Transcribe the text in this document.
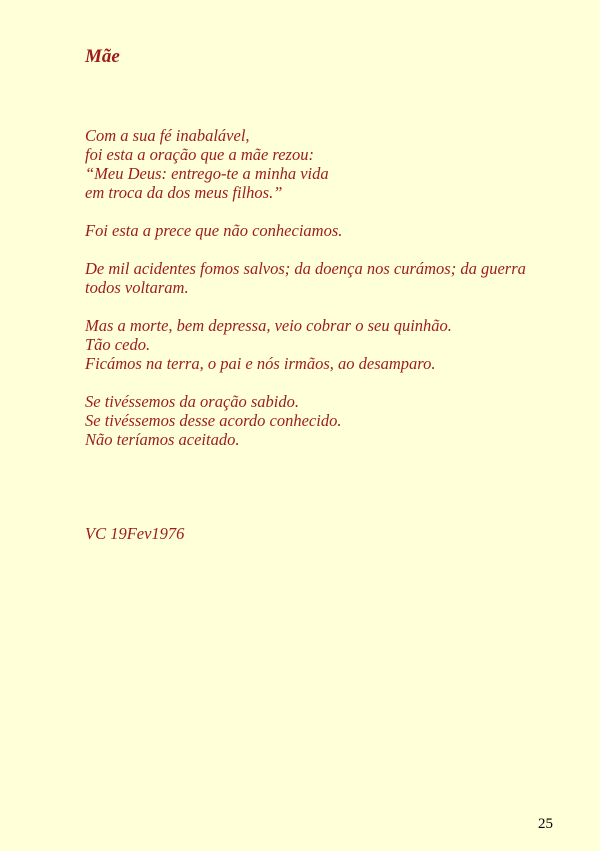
Mãe

Com a sua fé inabalável,
foi esta a oração que a mãe rezou:
“Meu Deus: entrego-te a minha vida
em troca da dos meus filhos.”

Foi esta a prece que não conheciamos.

De mil acidentes fomos salvos; da doença nos curámos; da guerra
todos voltaram.

Mas a morte, bem depressa, veio cobrar o seu quinhão.
Tão cedo.
Ficámos na terra, o pai e nós irmãos, ao desamparo.

Se tivéssemos da oração sabido.
Se tivéssemos desse acordo conhecido.
Não teríamos aceitado.

VC 19Fev1976
25
